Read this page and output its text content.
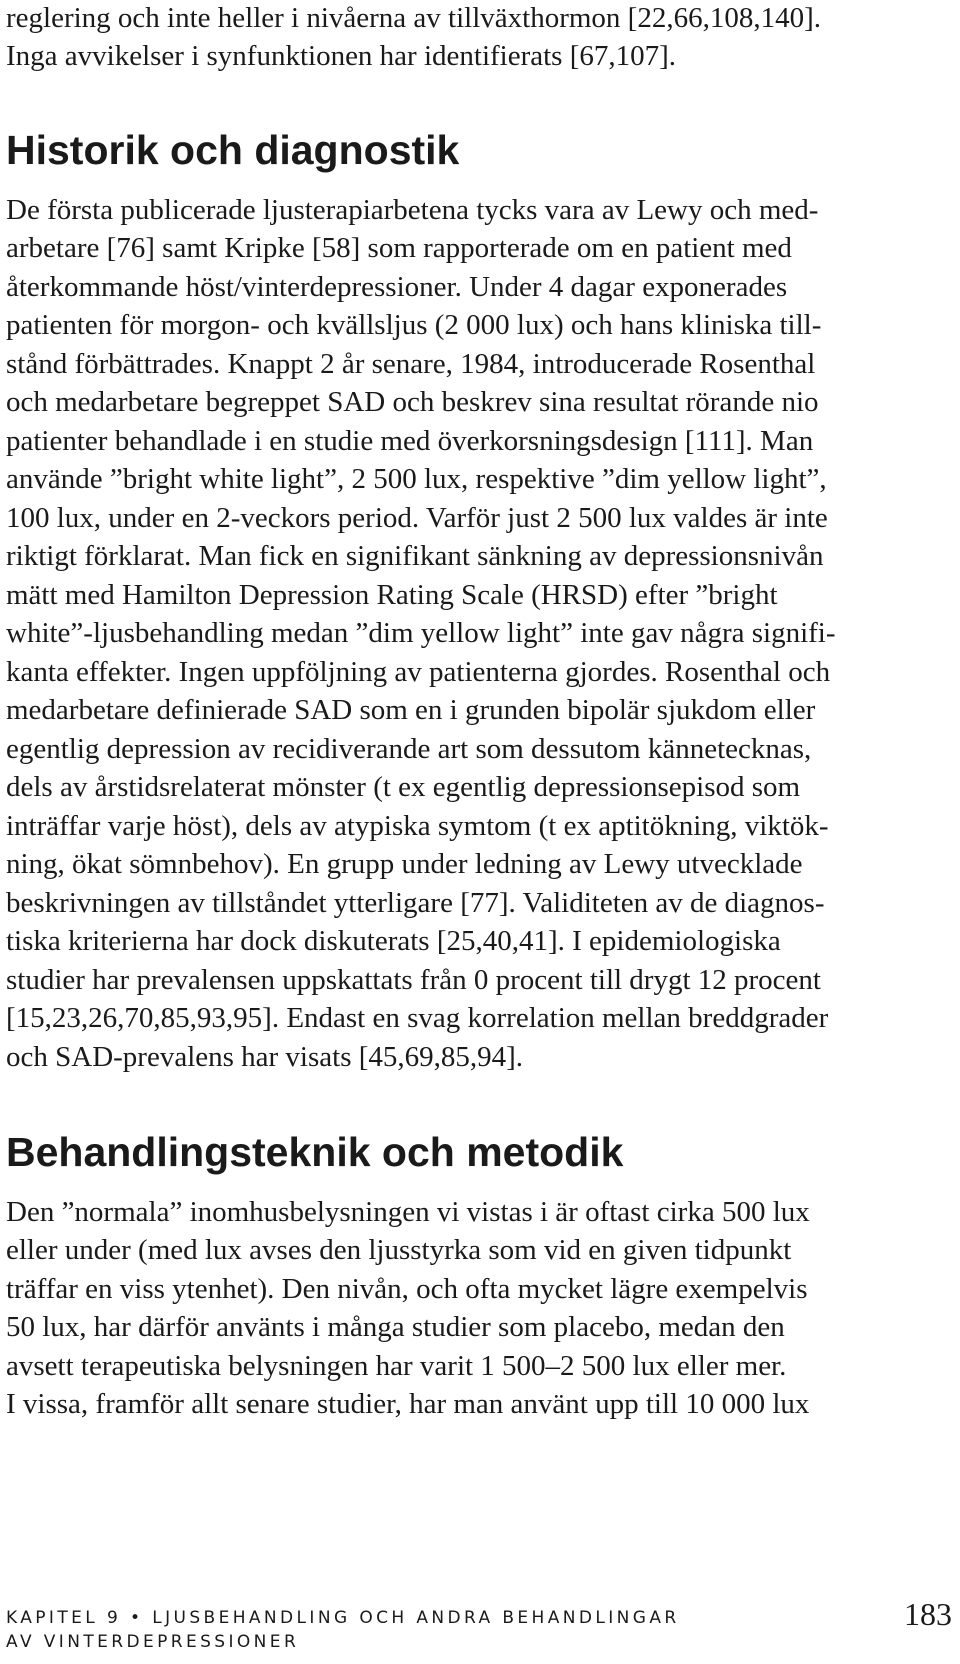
reglering och inte heller i nivåerna av tillväxthormon [22,66,108,140].
Inga avvikelser i synfunktionen har identifierats [67,107].
Historik och diagnostik
De första publicerade ljusterapiarbetena tycks vara av Lewy och med-
arbetare [76] samt Kripke [58] som rapporterade om en patient med
återkommande höst/vinterdepressioner. Under 4 dagar exponerades
patienten för morgon- och kvällsljus (2 000 lux) och hans kliniska till-
stånd förbättrades. Knappt 2 år senare, 1984, introducerade Rosenthal
och medarbetare begreppet SAD och beskrev sina resultat rörande nio
patienter behandlade i en studie med överkorsningsdesign [111]. Man
använde ”bright white light”, 2 500 lux, respektive ”dim yellow light”,
100 lux, under en 2-veckors period. Varför just 2 500 lux valdes är inte
riktigt förklarat. Man fick en signifikant sänkning av depressionsnivån
mätt med Hamilton Depression Rating Scale (HRSD) efter ”bright
white”-ljusbehandling medan ”dim yellow light” inte gav några signifi-
kanta effekter. Ingen uppföljning av patienterna gjordes. Rosenthal och
medarbetare definierade SAD som en i grunden bipolär sjukdom eller
egentlig depression av recidiverande art som dessutom kännetecknas,
dels av årstidsrelaterat mönster (t ex egentlig depressionsepisod som
inträffar varje höst), dels av atypiska symtom (t ex aptitökning, viktök-
ning, ökat sömnbehov). En grupp under ledning av Lewy utvecklade
beskrivningen av tillståndet ytterligare [77]. Validiteten av de diagnos-
tiska kriterierna har dock diskuterats [25,40,41]. I epidemiologiska
studier har prevalensen uppskattats från 0 procent till drygt 12 procent
[15,23,26,70,85,93,95]. Endast en svag korrelation mellan breddgrader
och SAD-prevalens har visats [45,69,85,94].
Behandlingsteknik och metodik
Den ”normala” inomhusbelysningen vi vistas i är oftast cirka 500 lux
eller under (med lux avses den ljusstyrka som vid en given tidpunkt
träffar en viss ytenhet). Den nivån, och ofta mycket lägre exempelvis
50 lux, har därför använts i många studier som placebo, medan den
avsett terapeutiska belysningen har varit 1 500–2 500 lux eller mer.
I vissa, framför allt senare studier, har man använt upp till 10 000 lux
KAPITEL 9 • LJUSBEHANDLING OCH ANDRA BEHANDLINGAR
AV VINTERDEPRESSIONER
183
